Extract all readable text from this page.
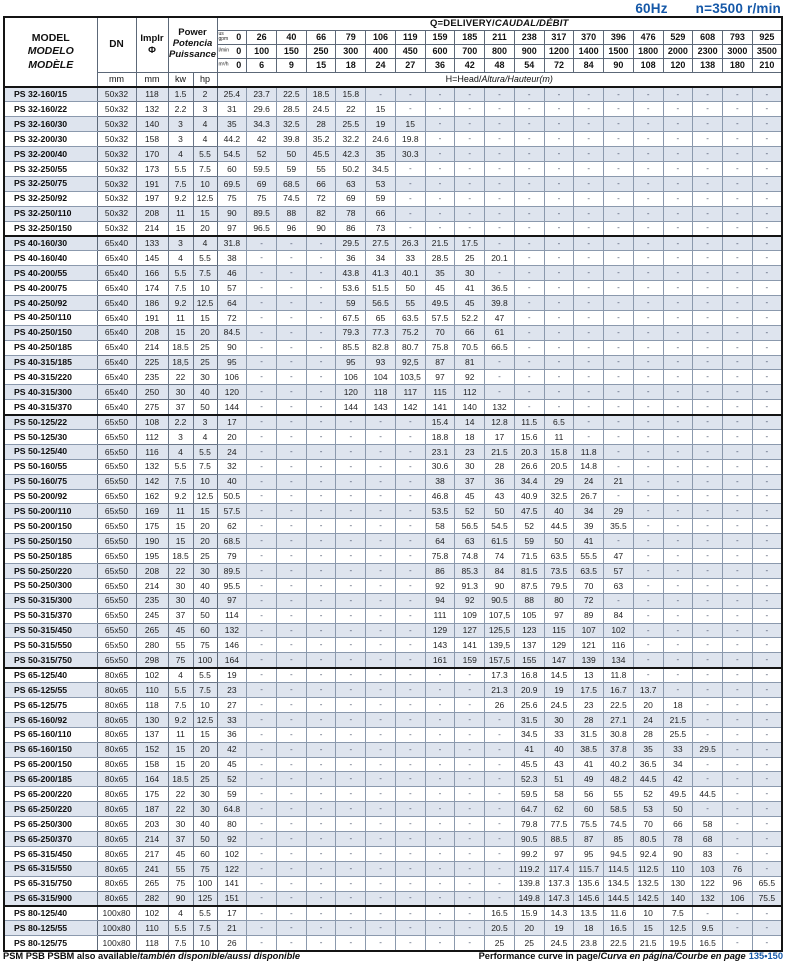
60Hz n=3500 r/min
MODEL
MODELO
MODÈLE	DN	Implr
Φ	Power
Potencia
Puissance		Q=DELIVERY/CAUDAL/DÉBIT																		

					us gpm 0	26	40	66	79	106	119	159	185	211	238	317	370	396	476	529	608	793	925

					l/min 0	100	150	250	300	400	450	600	700	800	900	1200	1400	1500	1800	2000	2300	3000	3500

					m³/h 0	6	9	15	18	24	27	36	42	48	54	72	84	90	108	120	138	180	210
	mm	mm	kw	hp	H=Head/Altura/Hauteur(m)																		
PS 32-160/15	50x32	118	1.5	2	25.4	23.7	22.5	18.5	15.8	-	-	-	-	-	-	-	-	-	-	-	-	-	-
PS 32-160/22	50x32	132	2.2	3	31	29.6	28.5	24.5	22	15	-	-	-	-	-	-	-	-	-	-	-	-	-
PS 32-160/30	50x32	140	3	4	35	34.3	32.5	28	25.5	19	15	-	-	-	-	-	-	-	-	-	-	-	-
PS 32-200/30	50x32	158	3	4	44.2	42	39.8	35.2	32.2	24.6	19.8	-	-	-	-	-	-	-	-	-	-	-	-
PS 32-200/40	50x32	170	4	5.5	54.5	52	50	45.5	42.3	35	30.3	-	-	-	-	-	-	-	-	-	-	-	-
PS 32-250/55	50x32	173	5.5	7.5	60	59.5	59	55	50.2	34.5	-	-	-	-	-	-	-	-	-	-	-	-	-
PS 32-250/75	50x32	191	7.5	10	69.5	69	68.5	66	63	53	-	-	-	-	-	-	-	-	-	-	-	-	-
PS 32-250/92	50x32	197	9.2	12.5	75	75	74.5	72	69	59	-	-	-	-	-	-	-	-	-	-	-	-	-
PS 32-250/110	50x32	208	11	15	90	89.5	88	82	78	66	-	-	-	-	-	-	-	-	-	-	-	-	-
PS 32-250/150	50x32	214	15	20	97	96.5	96	90	86	73	-	-	-	-	-	-	-	-	-	-	-	-	-
PS 40-160/30	65x40	133	3	4	31.8	-	-	-	29.5	27.5	26.3	21.5	17.5	-	-	-	-	-	-	-	-	-	-
PS 40-160/40	65x40	145	4	5.5	38	-	-	-	36	34	33	28.5	25	20.1	-	-	-	-	-	-	-	-	-
PS 40-200/55	65x40	166	5.5	7.5	46	-	-	-	43.8	41.3	40.1	35	30	-	-	-	-	-	-	-	-	-	-
PS 40-200/75	65x40	174	7.5	10	57	-	-	-	53.6	51.5	50	45	41	36.5	-	-	-	-	-	-	-	-	-
PS 40-250/92	65x40	186	9.2	12.5	64	-	-	-	59	56.5	55	49.5	45	39.8	-	-	-	-	-	-	-	-	-
PS 40-250/110	65x40	191	11	15	72	-	-	-	67.5	65	63.5	57.5	52.2	47	-	-	-	-	-	-	-	-	-
PS 40-250/150	65x40	208	15	20	84.5	-	-	-	79.3	77.3	75.2	70	66	61	-	-	-	-	-	-	-	-	-
PS 40-250/185	65x40	214	18.5	25	90	-	-	-	85.5	82.8	80.7	75.8	70.5	66.5	-	-	-	-	-	-	-	-	-
PS 40-315/185	65x40	225	18,5	25	95	-	-	-	95	93	92,5	87	81	-	-	-	-	-	-	-	-	-	-
PS 40-315/220	65x40	235	22	30	106	-	-	-	106	104	103,5	97	92	-	-	-	-	-	-	-	-	-	-
PS 40-315/300	65x40	250	30	40	120	-	-	-	120	118	117	115	112	-	-	-	-	-	-	-	-	-	-
PS 40-315/370	65x40	275	37	50	144	-	-	-	144	143	142	141	140	132	-	-	-	-	-	-	-	-	-
PS 50-125/22	65x50	108	2.2	3	17	-	-	-	-	-	-	15.4	14	12.8	11.5	6.5	-	-	-	-	-	-	-
PS 50-125/30	65x50	112	3	4	20	-	-	-	-	-	-	18.8	18	17	15.6	11	-	-	-	-	-	-	-
PS 50-125/40	65x50	116	4	5.5	24	-	-	-	-	-	-	23.1	23	21.5	20.3	15.8	11.8	-	-	-	-	-	-
PS 50-160/55	65x50	132	5.5	7.5	32	-	-	-	-	-	-	30.6	30	28	26.6	20.5	14.8	-	-	-	-	-	-
PS 50-160/75	65x50	142	7.5	10	40	-	-	-	-	-	-	38	37	36	34.4	29	24	21	-	-	-	-	-
PS 50-200/92	65x50	162	9.2	12.5	50.5	-	-	-	-	-	-	46.8	45	43	40.9	32.5	26.7	-	-	-	-	-	-
PS 50-200/110	65x50	169	11	15	57.5	-	-	-	-	-	-	53.5	52	50	47.5	40	34	29	-	-	-	-	-
PS 50-200/150	65x50	175	15	20	62	-	-	-	-	-	-	58	56.5	54.5	52	44.5	39	35.5	-	-	-	-	-
PS 50-250/150	65x50	190	15	20	68.5	-	-	-	-	-	-	64	63	61.5	59	50	41	-	-	-	-	-	-
PS 50-250/185	65x50	195	18.5	25	79	-	-	-	-	-	-	75.8	74.8	74	71.5	63.5	55.5	47	-	-	-	-	-
PS 50-250/220	65x50	208	22	30	89.5	-	-	-	-	-	-	86	85.3	84	81.5	73.5	63.5	57	-	-	-	-	-
PS 50-250/300	65x50	214	30	40	95.5	-	-	-	-	-	-	92	91.3	90	87.5	79.5	70	63	-	-	-	-	-
PS 50-315/300	65x50	235	30	40	97	-	-	-	-	-	-	94	92	90.5	88	80	72	-	-	-	-	-	-
PS 50-315/370	65x50	245	37	50	114	-	-	-	-	-	-	111	109	107,5	105	97	89	84	-	-	-	-	-
PS 50-315/450	65x50	265	45	60	132	-	-	-	-	-	-	129	127	125,5	123	115	107	102	-	-	-	-	-
PS 50-315/550	65x50	280	55	75	146	-	-	-	-	-	-	143	141	139,5	137	129	121	116	-	-	-	-	-
PS 50-315/750	65x50	298	75	100	164	-	-	-	-	-	-	161	159	157,5	155	147	139	134	-	-	-	-	-
PS 65-125/40	80x65	102	4	5.5	19	-	-	-	-	-	-	-	-	17.3	16.8	14.5	13	11.8	-	-	-	-	-
PS 65-125/55	80x65	110	5.5	7.5	23	-	-	-	-	-	-	-	-	21.3	20.9	19	17.5	16.7	13.7	-	-	-	-
PS 65-125/75	80x65	118	7.5	10	27	-	-	-	-	-	-	-	-	26	25.6	24.5	23	22.5	20	18	-	-	-
PS 65-160/92	80x65	130	9.2	12.5	33	-	-	-	-	-	-	-	-	-	31.5	30	28	27.1	24	21.5	-	-	-
PS 65-160/110	80x65	137	11	15	36	-	-	-	-	-	-	-	-	-	34.5	33	31.5	30.8	28	25.5	-	-	-
PS 65-160/150	80x65	152	15	20	42	-	-	-	-	-	-	-	-	-	41	40	38.5	37.8	35	33	29.5	-	-
PS 65-200/150	80x65	158	15	20	45	-	-	-	-	-	-	-	-	-	45.5	43	41	40.2	36.5	34	-	-	-
PS 65-200/185	80x65	164	18.5	25	52	-	-	-	-	-	-	-	-	-	52.3	51	49	48.2	44.5	42	-	-	-
PS 65-200/220	80x65	175	22	30	59	-	-	-	-	-	-	-	-	-	59.5	58	56	55	52	49.5	44.5	-	-
PS 65-250/220	80x65	187	22	30	64.8	-	-	-	-	-	-	-	-	-	64.7	62	60	58.5	53	50	-	-	-
PS 65-250/300	80x65	203	30	40	80	-	-	-	-	-	-	-	-	-	79.8	77.5	75.5	74.5	70	66	58	-	-
PS 65-250/370	80x65	214	37	50	92	-	-	-	-	-	-	-	-	-	90.5	88.5	87	85	80.5	78	68	-	-
PS 65-315/450	80x65	217	45	60	102	-	-	-	-	-	-	-	-	-	99.2	97	95	94.5	92.4	90	83	-	-
PS 65-315/550	80x65	241	55	75	122	-	-	-	-	-	-	-	-	-	119.2	117.4	115.7	114.5	112.5	110	103	76	-
PS 65-315/750	80x65	265	75	100	141	-	-	-	-	-	-	-	-	-	139.8	137.3	135.6	134.5	132.5	130	122	96	65.5
PS 65-315/900	80x65	282	90	125	151	-	-	-	-	-	-	-	-	-	149.8	147.3	145.6	144.5	142.5	140	132	106	75.5
PS 80-125/40	100x80	102	4	5.5	17	-	-	-	-	-	-	-	-	16.5	15.9	14.3	13.5	11.6	10	7.5	-	-	-
PS 80-125/55	100x80	110	5.5	7.5	21	-	-	-	-	-	-	-	-	20.5	20	19	18	16.5	15	12.5	9.5	-	-
PS 80-125/75	100x80	118	7.5	10	26	-	-	-	-	-	-	-	-	25	25	24.5	23.8	22.5	21.5	19.5	16.5	-	-
PSM PSB PSBM also available/también disponible/aussi disponible	Performance curve in page/Curva en página/Courbe en page 135•150
